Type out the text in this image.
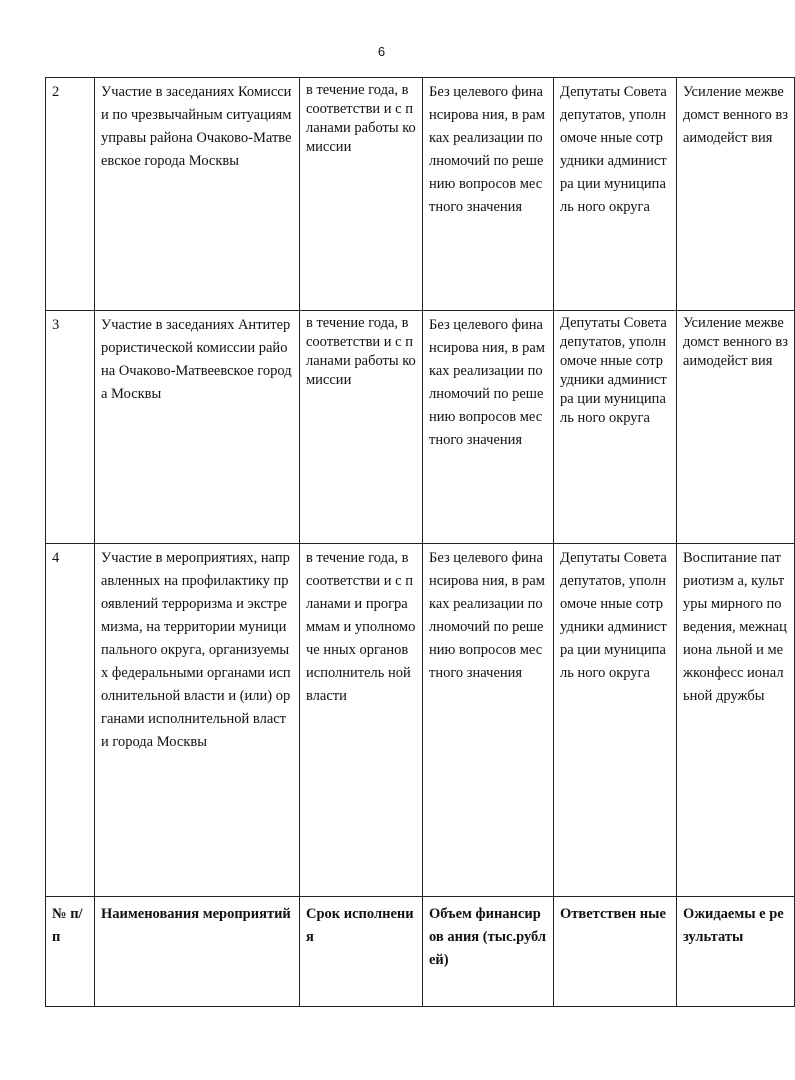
6
2	Участие в заседаниях Комиссии по чрезвычайным ситуациям управы района Очаково-Матвеевское города Москвы	в течение года, в соответстви и с планами работы комиссии	Без целевого финансирова ния, в рамках реализации полномочий по решению вопросов местного значения	Депутаты Совета депутатов, уполномоче нные сотрудники администра ции муниципаль ного округа	Усиление межведомст венного взаимодейст вия

3	Участие в заседаниях Антитеррористической комиссии района Очаково-Матвеевское города Москвы	в течение года, в соответстви и с планами работы комиссии	Без целевого финансирова ния, в рамках реализации полномочий по решению вопросов местного значения	Депутаты Совета депутатов, уполномоче нные сотрудники администра ции муниципаль ного округа	Усиление межведомст венного взаимодейст вия

4	Участие в мероприятиях, направленных на профилактику проявлений терроризма и экстремизма, на территории муниципального округа, организуемых федеральными органами исполнительной власти и (или) органами исполнительной власти города Москвы	в течение года, в соответстви и с планами и программам и уполномоче нных органов исполнитель ной власти	Без целевого финансирова ния, в рамках реализации полномочий по решению вопросов местного значения	Депутаты Совета депутатов, уполномоче нные сотрудники администра ции муниципаль ного округа	Воспитание патриотизм а, культуры мирного поведения, межнациона льной и межконфесс иональной дружбы

№ п/п	Наименования мероприятий	Срок исполнения	Объем финансиров ания (тыс.рублей)	Ответствен ные	Ожидаемы е результаты
